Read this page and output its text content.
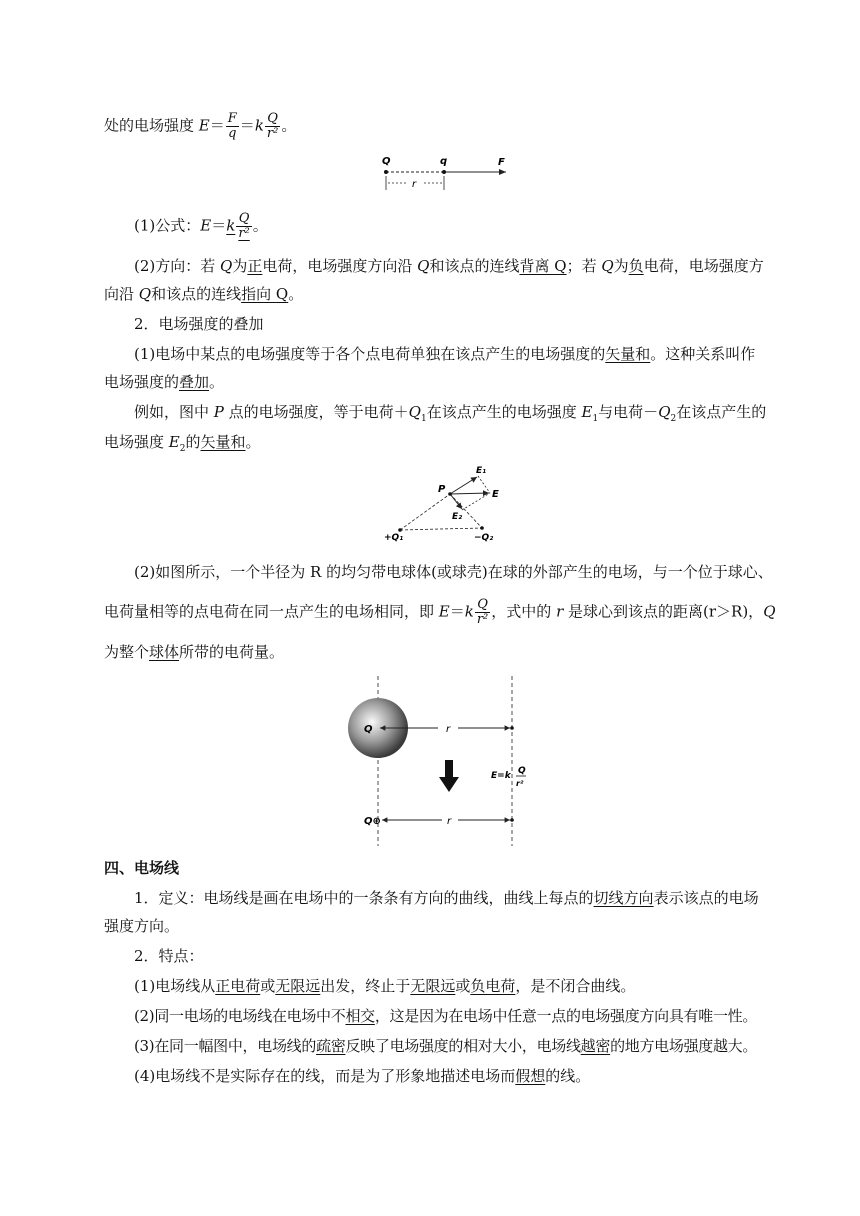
处的电场强度 $E= \frac{F}{q} =k \frac{Q}{\text{r²}}$ 。
Q	q	F
r
(1)公式：$E=k \frac{Q}{\text{r²}}$ 。
(2)方向：若 Q为正电荷，电场强度方向沿 Q和该点的连线背离 Q；若 Q为负电荷，电场强度方
向沿 Q和该点的连线指向 Q。
2．电场强度的叠加
(1)电场中某点的电场强度等于各个点电荷单独在该点产生的电场强度的矢量和。这种关系叫作
电场强度的叠加。
例如，图中 P 点的电场强度，等于电荷$+Q_1$在该点产生的电场强度 $E_1$与电荷$-Q_2$在该点产生的
电场强度 $E_2$的矢量和。
P
E₁
E
E₂
+Q₁	−Q₂
(2)如图所示，一个半径为 R 的均匀带电球体(或球壳)在球的外部产生的电场，与一个位于球心、
电荷量相等的点电荷在同一点产生的电场相同，即 $E=k \frac{Q}{\text{r²}}$ ，式中的 r 是球心到该点的距离(r＞R)，Q
为整个球体所带的电荷量。
Q	r
E=k Q
r²
Q⊕	r
四、电场线
1．定义：电场线是画在电场中的一条条有方向的曲线，曲线上每点的切线方向表示该点的电场
强度方向。
2．特点：
(1)电场线从正电荷或无限远出发，终止于无限远或负电荷，是不闭合曲线。
(2)同一电场的电场线在电场中不相交，这是因为在电场中任意一点的电场强度方向具有唯一性。
(3)在同一幅图中，电场线的疏密反映了电场强度的相对大小，电场线越密的地方电场强度越大。
(4)电场线不是实际存在的线，而是为了形象地描述电场而假想的线。
